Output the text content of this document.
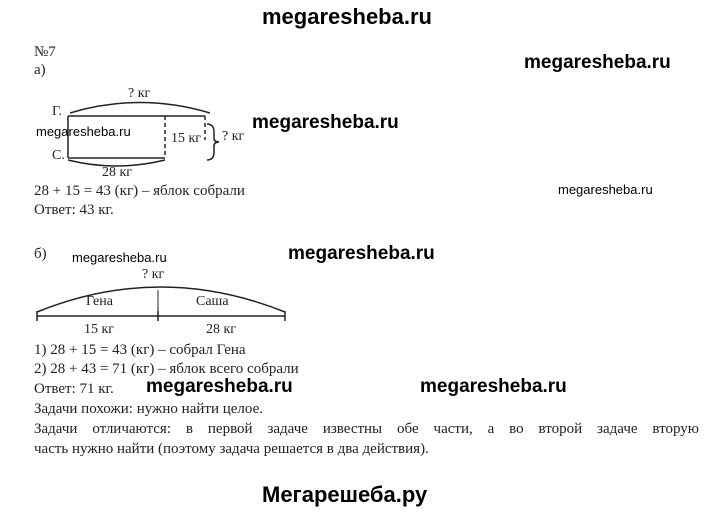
megaresheba.ru
№7
а)	megaresheba.ru
? кг
Г.
С.
megaresheba.ru	megaresheba.ru
15 кг ? кг
28 кг
28 + 15 = 43 (кг) – яблок собрали
Ответ: 43 кг.
megaresheba.ru
б) megaresheba.ru	megaresheba.ru
? кг
Гена	Саша
15 кг	28 кг
1) 28 + 15 = 43 (кг) – собрал Гена
2) 28 + 43 = 71 (кг) – яблок всего собрали
Ответ: 71 кг. megaresheba.ru	megaresheba.ru
Задачи похожи: нужно найти целое.
Задачи отличаются: в первой задаче известны обе части, а во второй задаче вторую
часть нужно найти (поэтому задача решается в два действия).
Мегарешеба.ру
